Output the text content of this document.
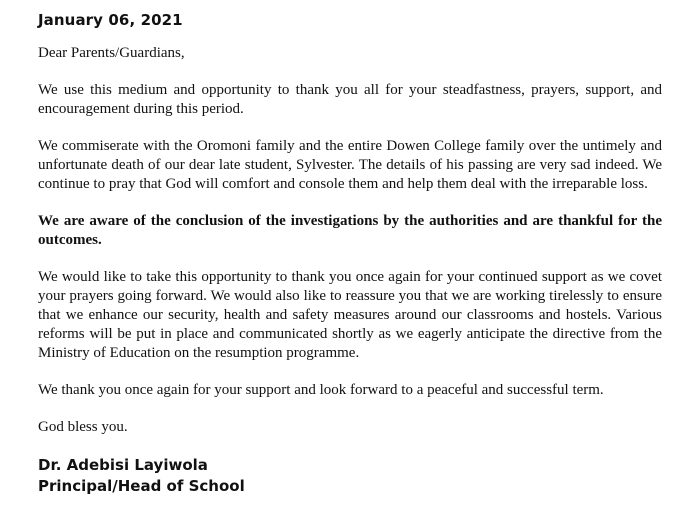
January 06, 2021
Dear Parents/Guardians,
We use this medium and opportunity to thank you all for your steadfastness, prayers, support, and encouragement during this period.
We commiserate with the Oromoni family and the entire Dowen College family over the untimely and unfortunate death of our dear late student, Sylvester. The details of his passing are very sad indeed. We continue to pray that God will comfort and console them and help them deal with the irreparable loss.
We are aware of the conclusion of the investigations by the authorities and are thankful for the outcomes.
We would like to take this opportunity to thank you once again for your continued support as we covet your prayers going forward. We would also like to reassure you that we are working tirelessly to ensure that we enhance our security, health and safety measures around our classrooms and hostels. Various reforms will be put in place and communicated shortly as we eagerly anticipate the directive from the Ministry of Education on the resumption programme.
We thank you once again for your support and look forward to a peaceful and successful term.
God bless you.
Dr. Adebisi Layiwola
Principal/Head of School
